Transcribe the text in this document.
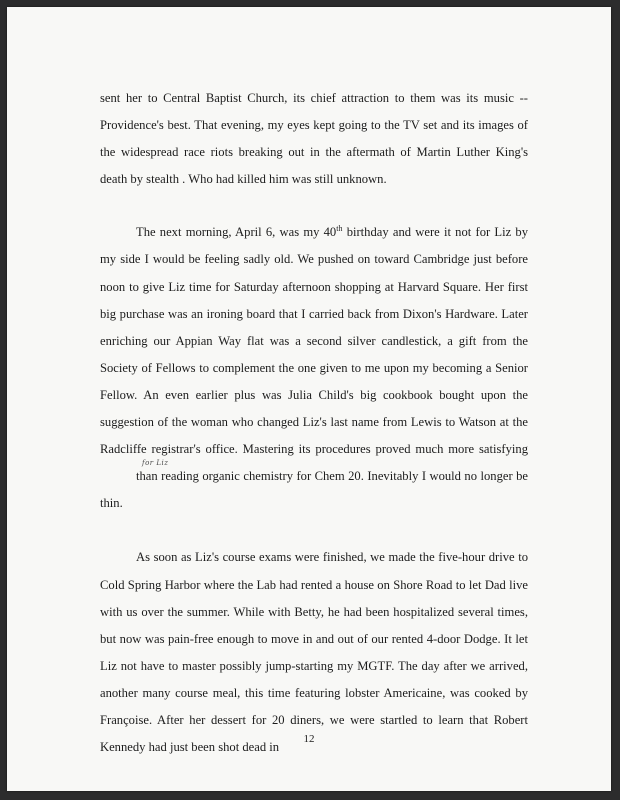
sent her to Central Baptist Church, its chief attraction to them was its music -- Providence's best. That evening, my eyes kept going to the TV set and its images of the widespread race riots breaking out in the aftermath of Martin Luther King's death by stealth . Who had killed him was still unknown.

The next morning, April 6, was my 40th birthday and were it not for Liz by my side I would be feeling sadly old. We pushed on toward Cambridge just before noon to give Liz time for Saturday afternoon shopping at Harvard Square. Her first big purchase was an ironing board that I carried back from Dixon's Hardware. Later enriching our Appian Way flat was a second silver candlestick, a gift from the Society of Fellows to complement the one given to me upon my becoming a Senior Fellow. An even earlier plus was Julia Child's big cookbook bought upon the suggestion of the woman who changed Liz's last name from Lewis to Watson at the Radcliffe registrar's office. Mastering its procedures proved much more satisfying
for Liz
than reading organic chemistry for Chem 20. Inevitably I would no longer be thin.

As soon as Liz's course exams were finished, we made the five-hour drive to Cold Spring Harbor where the Lab had rented a house on Shore Road to let Dad live with us over the summer. While with Betty, he had been hospitalized several times, but now was pain-free enough to move in and out of our rented 4-door Dodge. It let Liz not have to master possibly jump-starting my MGTF. The day after we arrived, another many course meal, this time featuring lobster Americaine, was cooked by Françoise. After her dessert for 20 diners, we were startled to learn that Robert Kennedy had just been shot dead in

12
